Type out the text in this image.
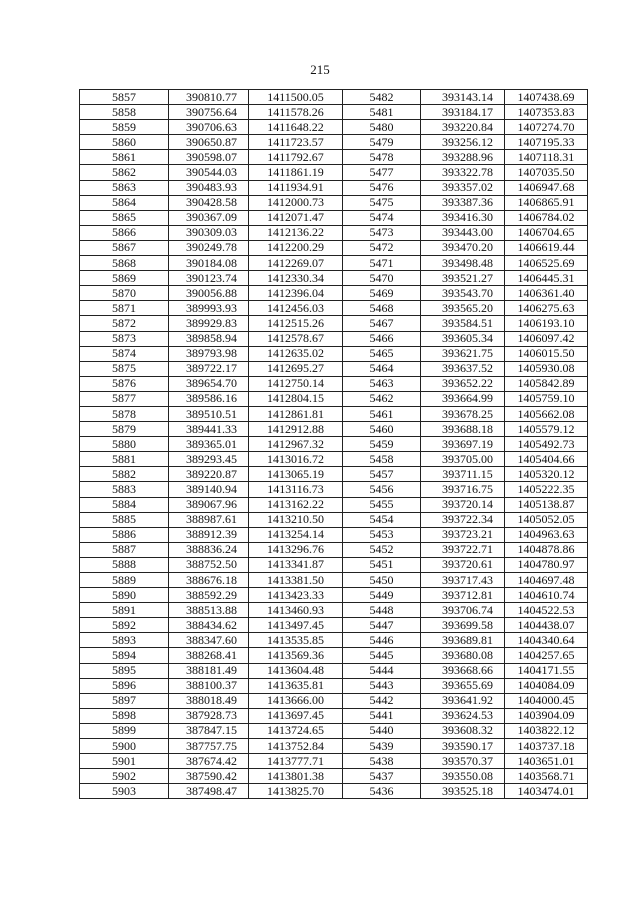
215
5857	390810.77	1411500.05	5482	393143.14	1407438.69
5858	390756.64	1411578.26	5481	393184.17	1407353.83
5859	390706.63	1411648.22	5480	393220.84	1407274.70
5860	390650.87	1411723.57	5479	393256.12	1407195.33
5861	390598.07	1411792.67	5478	393288.96	1407118.31
5862	390544.03	1411861.19	5477	393322.78	1407035.50
5863	390483.93	1411934.91	5476	393357.02	1406947.68
5864	390428.58	1412000.73	5475	393387.36	1406865.91
5865	390367.09	1412071.47	5474	393416.30	1406784.02
5866	390309.03	1412136.22	5473	393443.00	1406704.65
5867	390249.78	1412200.29	5472	393470.20	1406619.44
5868	390184.08	1412269.07	5471	393498.48	1406525.69
5869	390123.74	1412330.34	5470	393521.27	1406445.31
5870	390056.88	1412396.04	5469	393543.70	1406361.40
5871	389993.93	1412456.03	5468	393565.20	1406275.63
5872	389929.83	1412515.26	5467	393584.51	1406193.10
5873	389858.94	1412578.67	5466	393605.34	1406097.42
5874	389793.98	1412635.02	5465	393621.75	1406015.50
5875	389722.17	1412695.27	5464	393637.52	1405930.08
5876	389654.70	1412750.14	5463	393652.22	1405842.89
5877	389586.16	1412804.15	5462	393664.99	1405759.10
5878	389510.51	1412861.81	5461	393678.25	1405662.08
5879	389441.33	1412912.88	5460	393688.18	1405579.12
5880	389365.01	1412967.32	5459	393697.19	1405492.73
5881	389293.45	1413016.72	5458	393705.00	1405404.66
5882	389220.87	1413065.19	5457	393711.15	1405320.12
5883	389140.94	1413116.73	5456	393716.75	1405222.35
5884	389067.96	1413162.22	5455	393720.14	1405138.87
5885	388987.61	1413210.50	5454	393722.34	1405052.05
5886	388912.39	1413254.14	5453	393723.21	1404963.63
5887	388836.24	1413296.76	5452	393722.71	1404878.86
5888	388752.50	1413341.87	5451	393720.61	1404780.97
5889	388676.18	1413381.50	5450	393717.43	1404697.48
5890	388592.29	1413423.33	5449	393712.81	1404610.74
5891	388513.88	1413460.93	5448	393706.74	1404522.53
5892	388434.62	1413497.45	5447	393699.58	1404438.07
5893	388347.60	1413535.85	5446	393689.81	1404340.64
5894	388268.41	1413569.36	5445	393680.08	1404257.65
5895	388181.49	1413604.48	5444	393668.66	1404171.55
5896	388100.37	1413635.81	5443	393655.69	1404084.09
5897	388018.49	1413666.00	5442	393641.92	1404000.45
5898	387928.73	1413697.45	5441	393624.53	1403904.09
5899	387847.15	1413724.65	5440	393608.32	1403822.12
5900	387757.75	1413752.84	5439	393590.17	1403737.18
5901	387674.42	1413777.71	5438	393570.37	1403651.01
5902	387590.42	1413801.38	5437	393550.08	1403568.71
5903	387498.47	1413825.70	5436	393525.18	1403474.01
